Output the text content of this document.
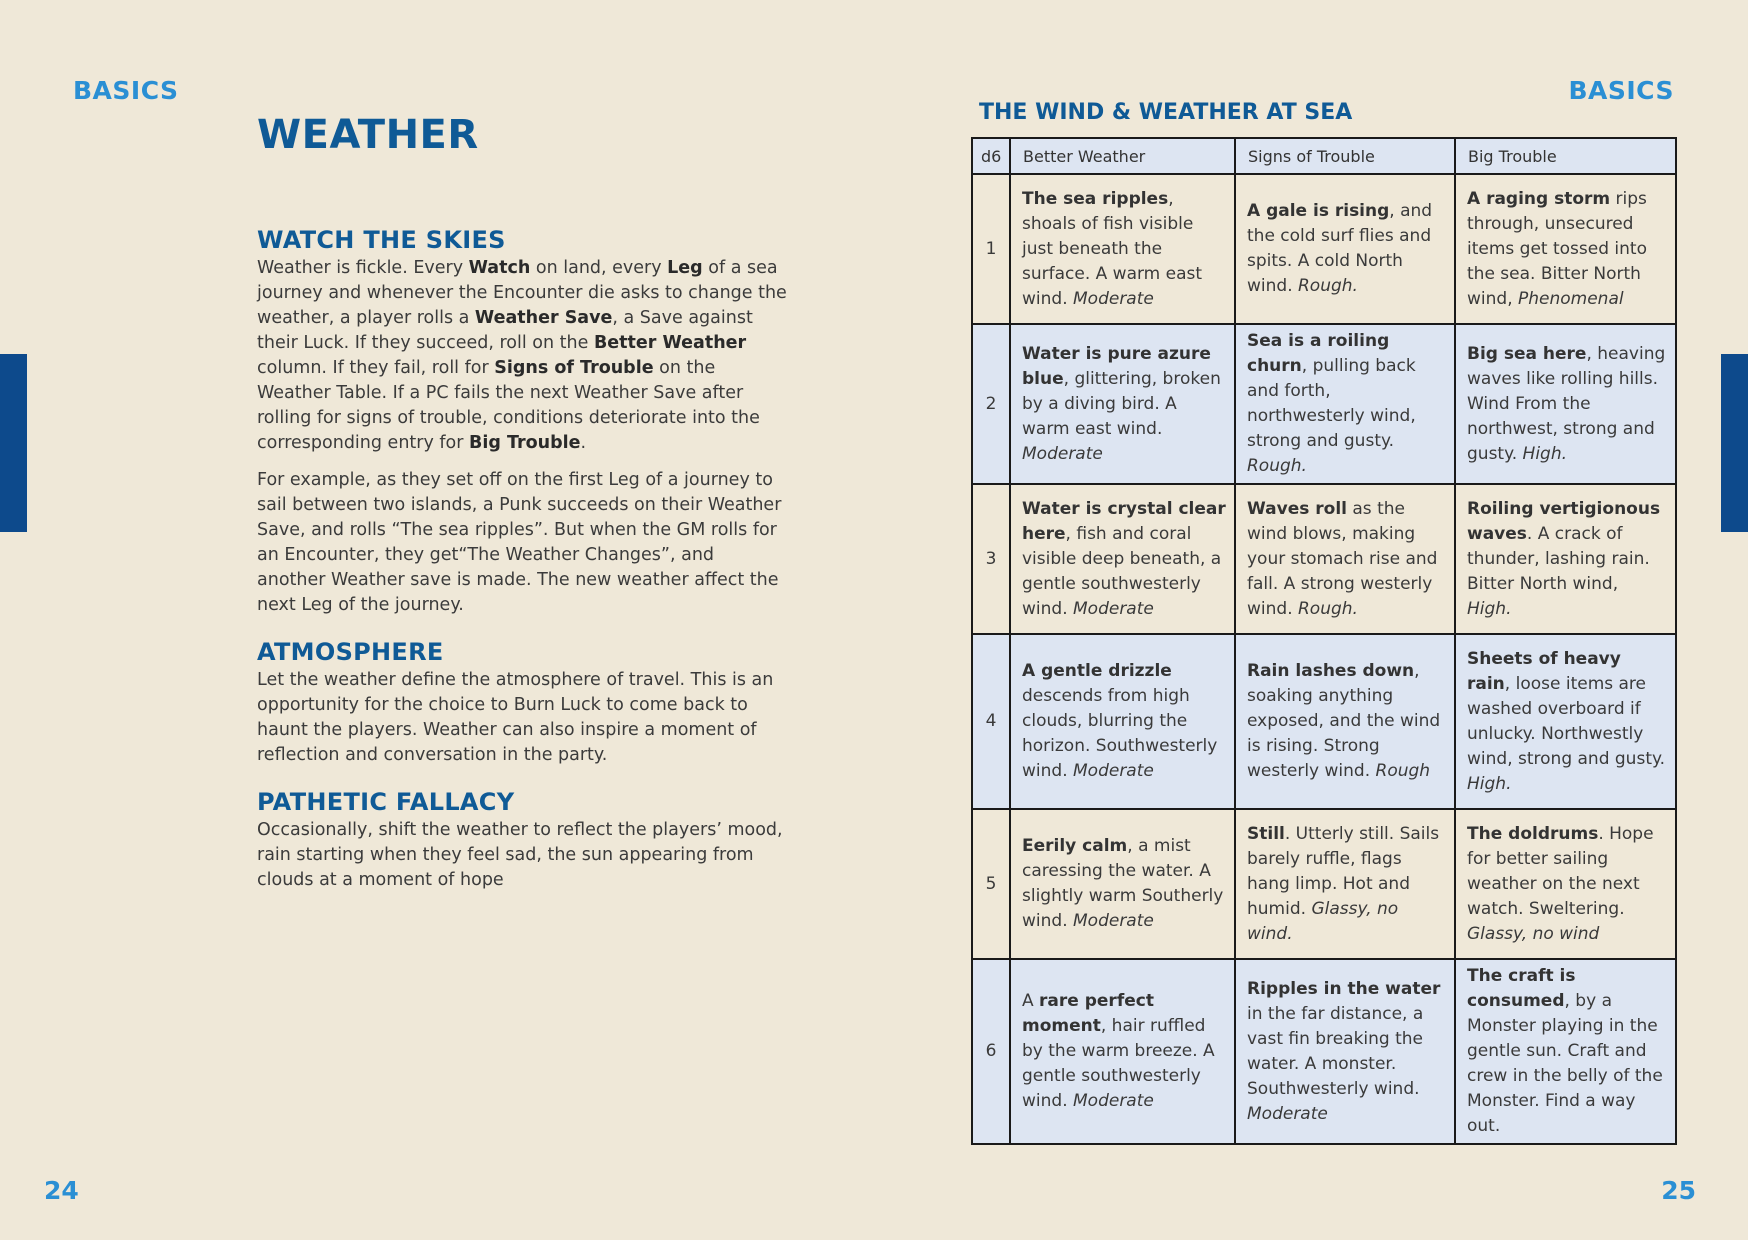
BASICS
WEATHER
WATCH THE SKIES

Weather is fickle. Every Watch on land, every Leg of a sea journey and whenever the Encounter die asks to change the weather, a player rolls a Weather Save, a Save against their Luck. If they succeed, roll on the Better Weather column. If they fail, roll for Signs of Trouble on the Weather Table. If a PC fails the next Weather Save after rolling for signs of trouble, conditions deteriorate into the corresponding entry for Big Trouble.

For example, as they set off on the first Leg of a journey to sail between two islands, a Punk succeeds on their Weather Save, and rolls “The sea ripples”. But when the GM rolls for an Encounter, they get“The Weather Changes”, and another Weather save is made. The new weather affect the next Leg of the journey.

ATMOSPHERE

Let the weather define the atmosphere of travel. This is an opportunity for the choice to Burn Luck to come back to haunt the players. Weather can also inspire a moment of reflection and conversation in the party.

PATHETIC FALLACY

Occasionally, shift the weather to reflect the players’ mood, rain starting when they feel sad, the sun appearing from clouds at a moment of hope

24
BASICS
25
THE WIND & WEATHER AT SEA
d6	Better Weather	Signs of Trouble	Big Trouble
1	The sea ripples, shoals of fish visible just beneath the surface. A warm east wind. Moderate	A gale is rising, and the cold surf flies and spits. A cold North wind. Rough.	A raging storm rips through, unsecured items get tossed into the sea. Bitter North wind, Phenomenal
2	Water is pure azure blue, glittering, broken by a diving bird. A warm east wind. Moderate	Sea is a roiling churn, pulling back and forth, northwesterly wind, strong and gusty. Rough.	Big sea here, heaving waves like rolling hills. Wind From the northwest, strong and gusty. High.
3	Water is crystal clear here, fish and coral visible deep beneath, a gentle southwesterly wind. Moderate	Waves roll as the wind blows, making your stomach rise and fall. A strong westerly wind. Rough.	Roiling vertigionous waves. A crack of thunder, lashing rain. Bitter North wind, High.
4	A gentle drizzle descends from high clouds, blurring the horizon. Southwesterly wind. Moderate	Rain lashes down, soaking anything exposed, and the wind is rising. Strong westerly wind. Rough	Sheets of heavy rain, loose items are washed overboard if unlucky. Northwestly wind, strong and gusty. High.
5	Eerily calm, a mist caressing the water. A slightly warm Southerly wind. Moderate	Still. Utterly still. Sails barely ruffle, flags hang limp. Hot and humid. Glassy, no wind.	The doldrums. Hope for better sailing weather on the next watch. Sweltering. Glassy, no wind
6	A rare perfect moment, hair ruffled by the warm breeze. A gentle southwesterly wind. Moderate	Ripples in the water in the far distance, a vast fin breaking the water. A monster. Southwesterly wind. Moderate	The craft is consumed, by a Monster playing in the gentle sun. Craft and crew in the belly of the Monster. Find a way out.
